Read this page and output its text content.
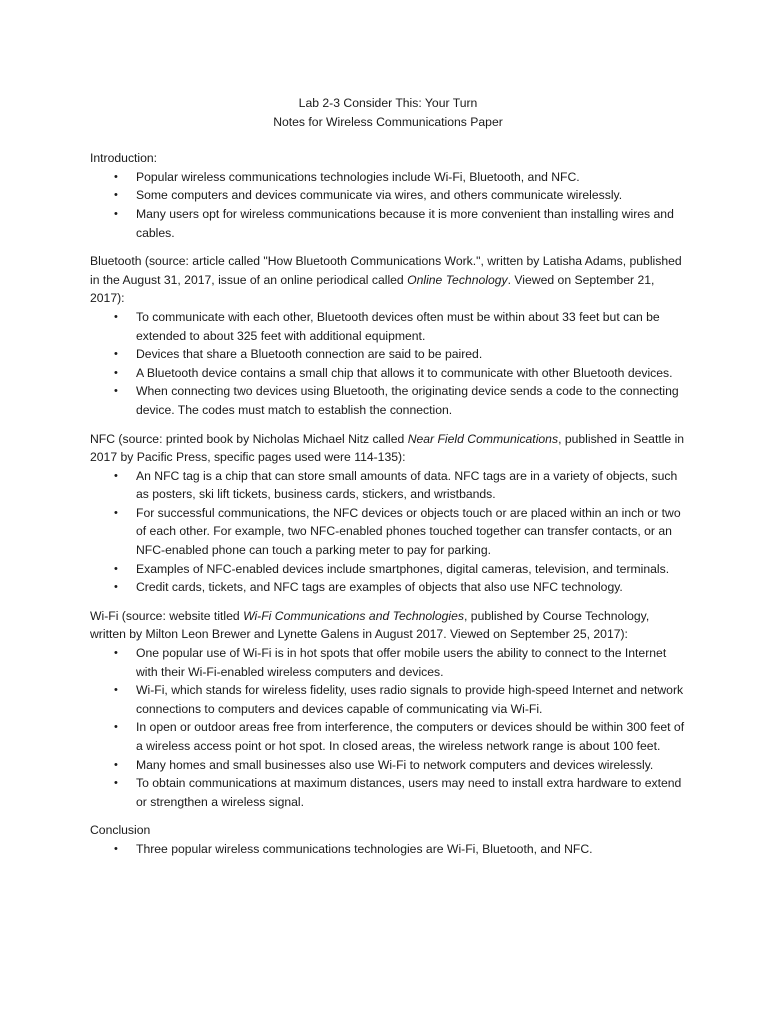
Lab 2-3 Consider This: Your Turn

Notes for Wireless Communications Paper

Introduction:

• Popular wireless communications technologies include Wi-Fi, Bluetooth, and NFC.
• Some computers and devices communicate via wires, and others communicate wirelessly.
• Many users opt for wireless communications because it is more convenient than installing wires and cables.

Bluetooth (source: article called "How Bluetooth Communications Work.", written by Latisha Adams, published in the August 31, 2017, issue of an online periodical called Online Technology. Viewed on September 21, 2017):

• To communicate with each other, Bluetooth devices often must be within about 33 feet but can be extended to about 325 feet with additional equipment.
• Devices that share a Bluetooth connection are said to be paired.
• A Bluetooth device contains a small chip that allows it to communicate with other Bluetooth devices.
• When connecting two devices using Bluetooth, the originating device sends a code to the connecting device. The codes must match to establish the connection.

NFC (source: printed book by Nicholas Michael Nitz called Near Field Communications, published in Seattle in 2017 by Pacific Press, specific pages used were 114-135):

• An NFC tag is a chip that can store small amounts of data. NFC tags are in a variety of objects, such as posters, ski lift tickets, business cards, stickers, and wristbands.
• For successful communications, the NFC devices or objects touch or are placed within an inch or two of each other. For example, two NFC-enabled phones touched together can transfer contacts, or an NFC-enabled phone can touch a parking meter to pay for parking.
• Examples of NFC-enabled devices include smartphones, digital cameras, television, and terminals.
• Credit cards, tickets, and NFC tags are examples of objects that also use NFC technology.

Wi-Fi (source: website titled Wi-Fi Communications and Technologies, published by Course Technology, written by Milton Leon Brewer and Lynette Galens in August 2017. Viewed on September 25, 2017):

• One popular use of Wi-Fi is in hot spots that offer mobile users the ability to connect to the Internet with their Wi-Fi-enabled wireless computers and devices.
• Wi-Fi, which stands for wireless fidelity, uses radio signals to provide high-speed Internet and network connections to computers and devices capable of communicating via Wi-Fi.
• In open or outdoor areas free from interference, the computers or devices should be within 300 feet of a wireless access point or hot spot. In closed areas, the wireless network range is about 100 feet.
• Many homes and small businesses also use Wi-Fi to network computers and devices wirelessly.
• To obtain communications at maximum distances, users may need to install extra hardware to extend or strengthen a wireless signal.

Conclusion

• Three popular wireless communications technologies are Wi-Fi, Bluetooth, and NFC.
